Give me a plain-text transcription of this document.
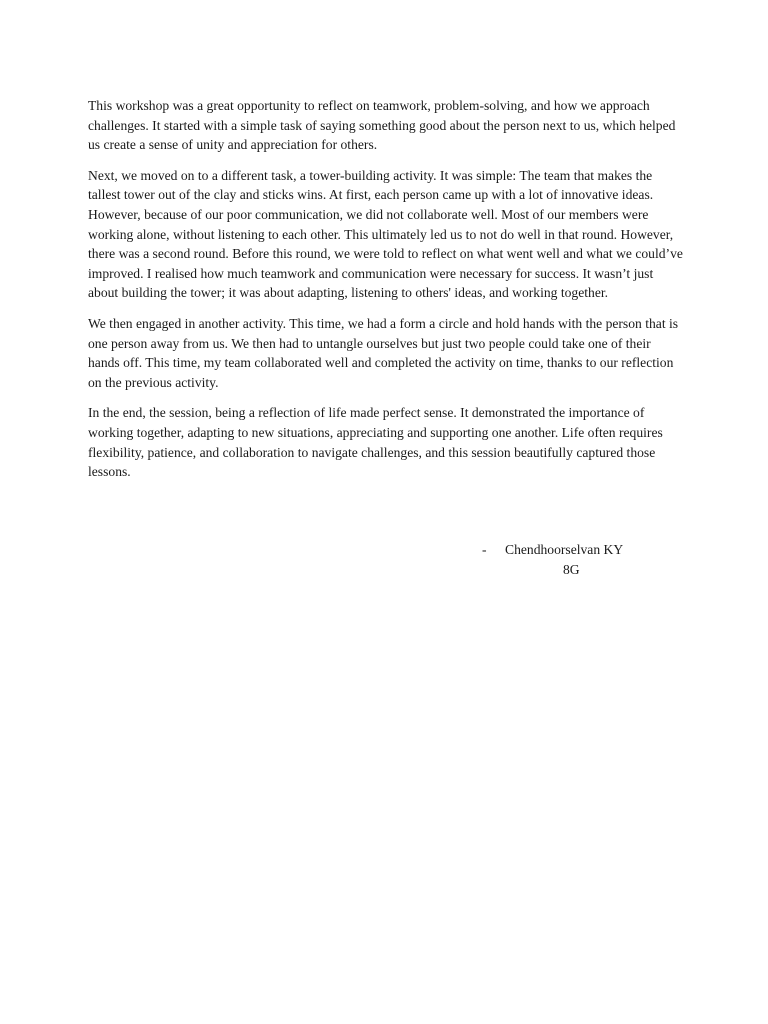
This workshop was a great opportunity to reflect on teamwork, problem-solving, and how we approach challenges. It started with a simple task of saying something good about the person next to us, which helped us create a sense of unity and appreciation for others.

Next, we moved on to a different task, a tower-building activity. It was simple: The team that makes the tallest tower out of the clay and sticks wins. At first, each person came up with a lot of innovative ideas. However, because of our poor communication, we did not collaborate well. Most of our members were working alone, without listening to each other. This ultimately led us to not do well in that round. However, there was a second round. Before this round, we were told to reflect on what went well and what we could’ve improved. I realised how much teamwork and communication were necessary for success. It wasn’t just about building the tower; it was about adapting, listening to others' ideas, and working together.

We then engaged in another activity. This time, we had a form a circle and hold hands with the person that is one person away from us. We then had to untangle ourselves but just two people could take one of their hands off. This time, my team collaborated well and completed the activity on time, thanks to our reflection on the previous activity.

In the end, the session, being a reflection of life made perfect sense. It demonstrated the importance of working together, adapting to new situations, appreciating and supporting one another. Life often requires flexibility, patience, and collaboration to navigate challenges, and this session beautifully captured those lessons.

- Chendhoorselvan KY
8G
